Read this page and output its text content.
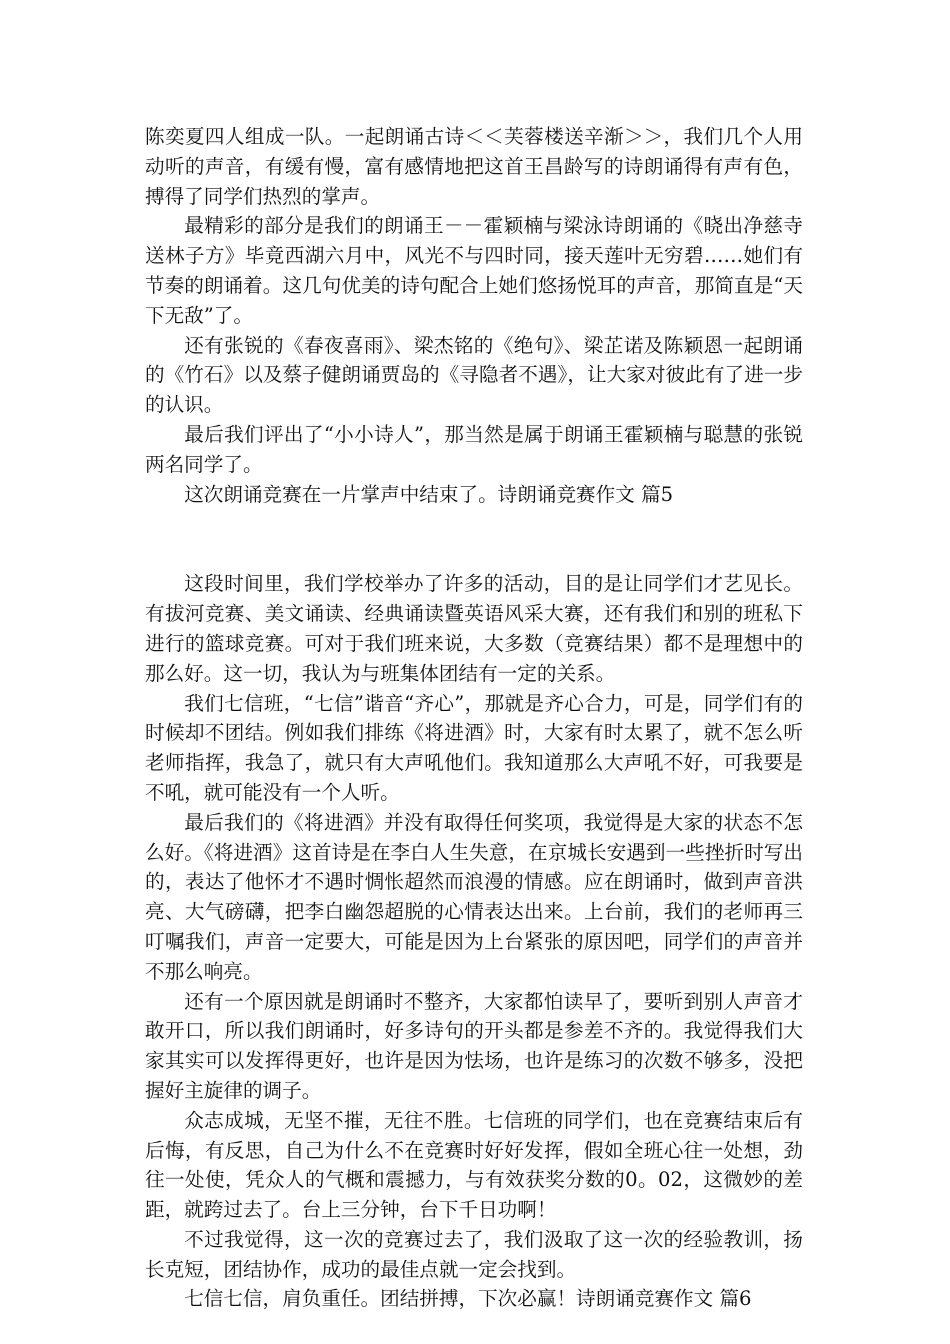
陈奕夏四人组成一队。一起朗诵古诗＜＜芙蓉楼送辛渐＞＞，我们几个人用动听的声音，有缓有慢，富有感情地把这首王昌龄写的诗朗诵得有声有色，搏得了同学们热烈的掌声。

最精彩的部分是我们的朗诵王－－霍颖楠与梁泳诗朗诵的《晓出净慈寺送林子方》毕竟西湖六月中，风光不与四时同，接天莲叶无穷碧……她们有节奏的朗诵着。这几句优美的诗句配合上她们悠扬悦耳的声音，那简直是“天下无敌”了。

还有张锐的《春夜喜雨》、梁杰铭的《绝句》、梁芷诺及陈颖恩一起朗诵的《竹石》以及蔡子健朗诵贾岛的《寻隐者不遇》，让大家对彼此有了进一步的认识。

最后我们评出了“小小诗人”，那当然是属于朗诵王霍颖楠与聪慧的张锐两名同学了。

这次朗诵竞赛在一片掌声中结束了。诗朗诵竞赛作文 篇5

这段时间里，我们学校举办了许多的活动，目的是让同学们才艺见长。有拔河竞赛、美文诵读、经典诵读暨英语风采大赛，还有我们和别的班私下进行的篮球竞赛。可对于我们班来说，大多数（竞赛结果）都不是理想中的那么好。这一切，我认为与班集体团结有一定的关系。

我们七信班，“七信”谐音“齐心”，那就是齐心合力，可是，同学们有的时候却不团结。例如我们排练《将进酒》时，大家有时太累了，就不怎么听老师指挥，我急了，就只有大声吼他们。我知道那么大声吼不好，可我要是不吼，就可能没有一个人听。

最后我们的《将进酒》并没有取得任何奖项，我觉得是大家的状态不怎么好。《将进酒》这首诗是在李白人生失意，在京城长安遇到一些挫折时写出的，表达了他怀才不遇时惆怅超然而浪漫的情感。应在朗诵时，做到声音洪亮、大气磅礴，把李白幽怨超脱的心情表达出来。上台前，我们的老师再三叮嘱我们，声音一定要大，可能是因为上台紧张的原因吧，同学们的声音并不那么响亮。

还有一个原因就是朗诵时不整齐，大家都怕读早了，要听到别人声音才敢开口，所以我们朗诵时，好多诗句的开头都是参差不齐的。我觉得我们大家其实可以发挥得更好，也许是因为怯场，也许是练习的次数不够多，没把握好主旋律的调子。

众志成城，无坚不摧，无往不胜。七信班的同学们，也在竞赛结束后有后悔，有反思，自己为什么不在竞赛时好好发挥，假如全班心往一处想，劲往一处使，凭众人的气概和震撼力，与有效获奖分数的0。02，这微妙的差距，就跨过去了。台上三分钟，台下千日功啊！

不过我觉得，这一次的竞赛过去了，我们汲取了这一次的经验教训，扬长克短，团结协作，成功的最佳点就一定会找到。

七信七信，肩负重任。团结拼搏，下次必赢！诗朗诵竞赛作文 篇6
